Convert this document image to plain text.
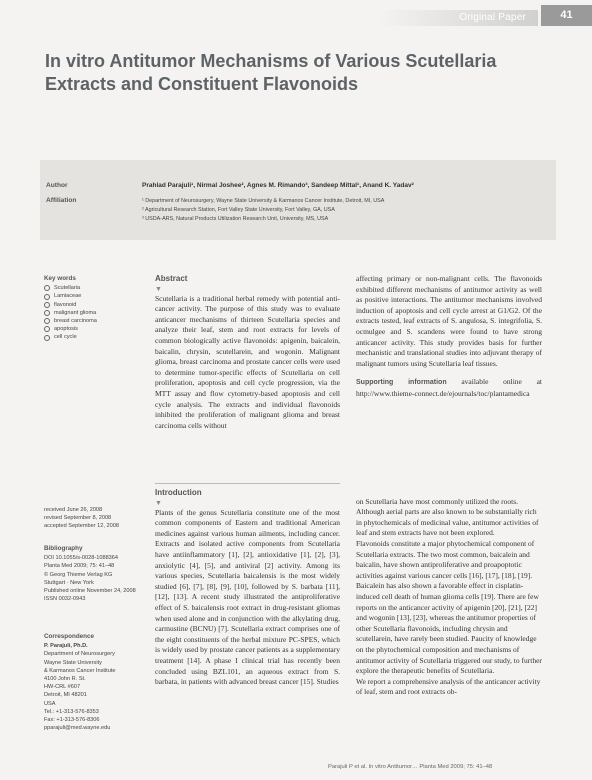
Original Paper	41
In vitro Antitumor Mechanisms of Various Scutellaria
Extracts and Constituent Flavonoids
Author
Affiliation
Prahlad Parajuli¹, Nirmal Joshee², Agnes M. Rimando³, Sandeep Mittal¹, Anand K. Yadav²
¹ Department of Neurosurgery, Wayne State University & Karmanos Cancer Institute, Detroit, MI, USA
² Agricultural Research Station, Fort Valley State University, Fort Valley, GA, USA
³ USDA-ARS, Natural Products Utilization Research Unit, University, MS, USA
Key words
Scutellaria
Lamiaceae
flavonoid
malignant glioma
breast carcinoma
apoptosis
cell cycle
received June 26, 2008
revised September 8, 2008
accepted September 12, 2008
Bibliography
DOI 10.1055/s-0028-1088364
Planta Med 2009; 75: 41–48
© Georg Thieme Verlag KG
Stuttgart · New York
Published online November 24, 2008
ISSN 0032-0943
Correspondence
P. Parajuli, Ph.D.
Department of Neurosurgery
Wayne State University
& Karmanos Cancer Institute
4100 John R. St.
HW-CRL #607
Detroit, MI 48201
USA
Tel.: +1-313-576-8353
Fax: +1-313-576-8306
pparajuli@med.wayne.edu
Abstract
▼

Scutellaria is a traditional herbal remedy with potential anti-cancer activity. The purpose of this study was to evaluate anticancer mechanisms of thirteen Scutellaria species and analyze their leaf, stem and root extracts for levels of common biologically active flavonoids: apigenin, baicalein, baicalin, chrysin, scutellarein, and wogonin. Malignant glioma, breast carcinoma and prostate cancer cells were used to determine tumor-specific effects of Scutellaria on cell proliferation, apoptosis and cell cycle progression, via the MTT assay and flow cytometry-based apoptosis and cell cycle analysis. The extracts and individual flavonoids inhibited the proliferation of malignant glioma and breast carcinoma cells without

affecting primary or non-malignant cells. The flavonoids exhibited different mechanisms of antitumor activity as well as positive interactions. The antitumor mechanisms involved induction of apoptosis and cell cycle arrest at G1/G2. Of the extracts tested, leaf extracts of S. angulosa, S. integrifolia, S. ocmulgee and S. scandens were found to have strong anticancer activity. This study provides basis for further mechanistic and translational studies into adjuvant therapy of malignant tumors using Scutellaria leaf tissues.

Supporting information available online at http://www.thieme-connect.de/ejournals/toc/plantamedica

Introduction
▼

Plants of the genus Scutellaria constitute one of the most common components of Eastern and traditional American medicines against various human ailments, including cancer. Extracts and isolated active components from Scutellaria have antiinflammatory [1], [2], antioxidative [1], [2], [3], anxiolytic [4], [5], and antiviral [2] activity. Among its various species, Scutellaria baicalensis is the most widely studied [6], [7], [8], [9], [10], followed by S. barbata [11], [12], [13]. A recent study illustrated the antiproliferative effect of S. baicalensis root extract in drug-resistant gliomas when used alone and in conjunction with the alkylating drug, carmustine (BCNU) [7]. Scutellaria extract comprises one of the eight constituents of the herbal mixture PC-SPES, which is widely used by prostate cancer patients as a supplementary treatment [14]. A phase I clinical trial has recently been concluded using BZL101, an aqueous extract from S. barbata, in patients with advanced breast cancer [15]. Studies

on Scutellaria have most commonly utilized the roots. Although aerial parts are also known to be substantially rich in phytochemicals of medicinal value, antitumor activities of leaf and stem extracts have not been explored.
Flavonoids constitute a major phytochemical component of Scutellaria extracts. The two most common, baicalein and baicalin, have shown antiproliferative and proapoptotic activities against various cancer cells [16], [17], [18], [19]. Baicalein has also shown a favorable effect in cisplatin-induced cell death of human glioma cells [19]. There are few reports on the anticancer activity of apigenin [20], [21], [22] and wogonin [13], [23], whereas the antitumor properties of other Scutellaria flavonoids, including chrysin and scutellarein, have rarely been studied. Paucity of knowledge on the phytochemical composition and mechanisms of antitumor activity of Scutellaria triggered our study, to further explore the therapeutic benefits of Scutellaria.
We report a comprehensive analysis of the anticancer activity of leaf, stem and root extracts ob-

Parajuli P et al. In vitro Antitumor… Planta Med 2009; 75: 41–48
